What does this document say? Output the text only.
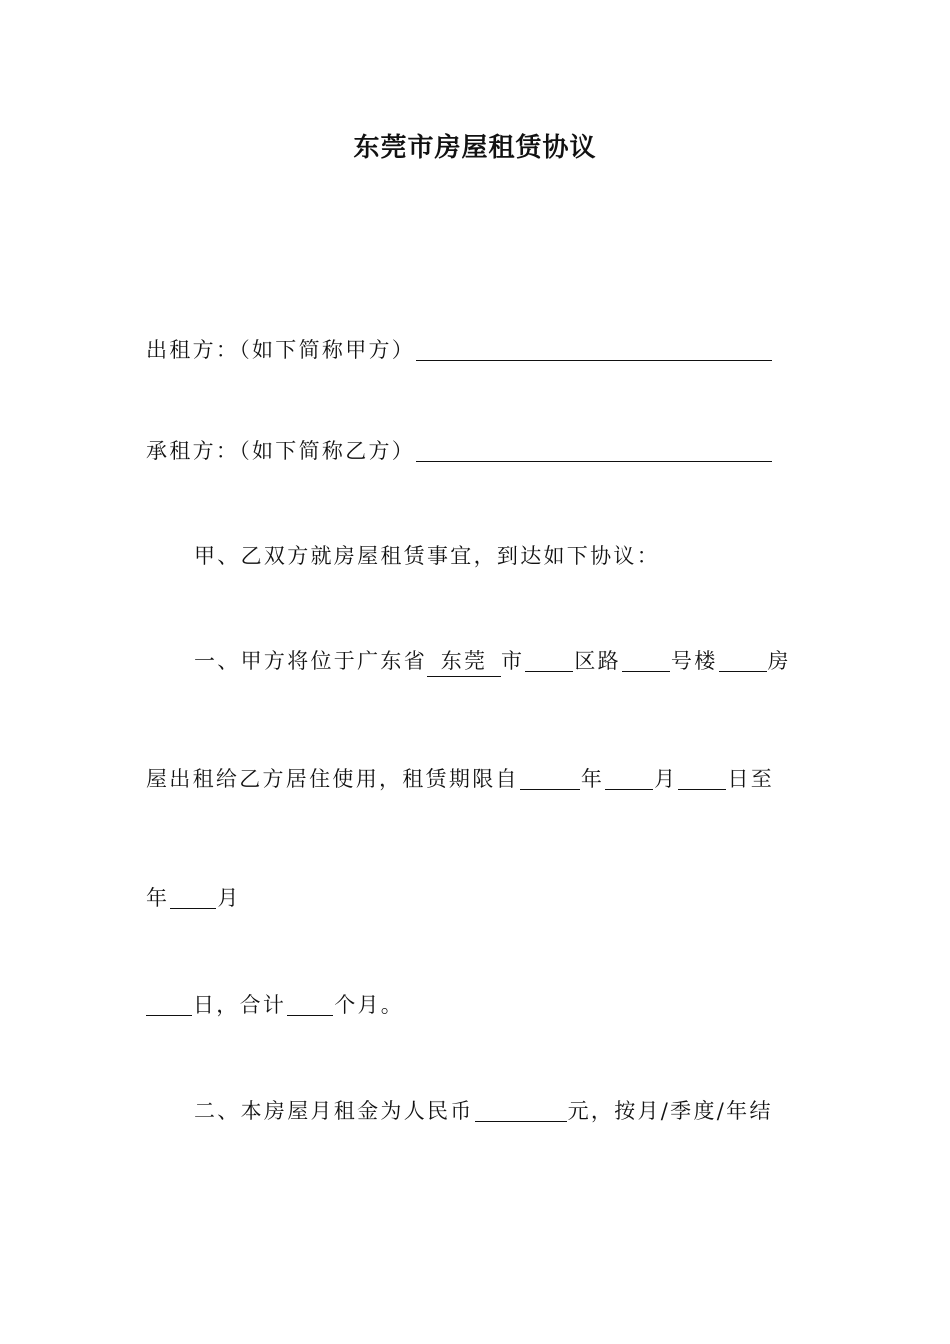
东莞市房屋租赁协议
出租方：（如下简称甲方）
承租方：（如下简称乙方）
甲、乙双方就房屋租赁事宜，到达如下协议：
一、甲方将位于广东省 东莞 市 区路 号楼 房
屋出租给乙方居住使用，租赁期限自	年 月 日至
年 月
日，合计 个月。
二、本房屋月租金为人民币	元，按月/季度/年结
